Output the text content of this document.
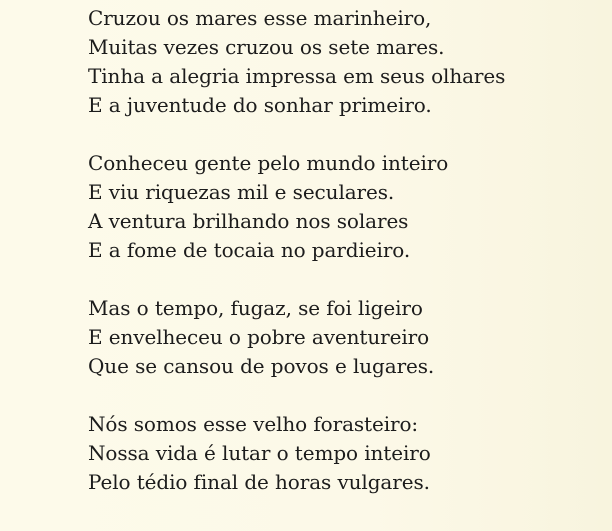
Cruzou os mares esse marinheiro,
Muitas vezes cruzou os sete mares.
Tinha a alegria impressa em seus olhares
E a juventude do sonhar primeiro.

Conheceu gente pelo mundo inteiro
E viu riquezas mil e seculares.
A ventura brilhando nos solares
E a fome de tocaia no pardieiro.

Mas o tempo, fugaz, se foi ligeiro
E envelheceu o pobre aventureiro
Que se cansou de povos e lugares.

Nós somos esse velho forasteiro:
Nossa vida é lutar o tempo inteiro
Pelo tédio final de horas vulgares.
